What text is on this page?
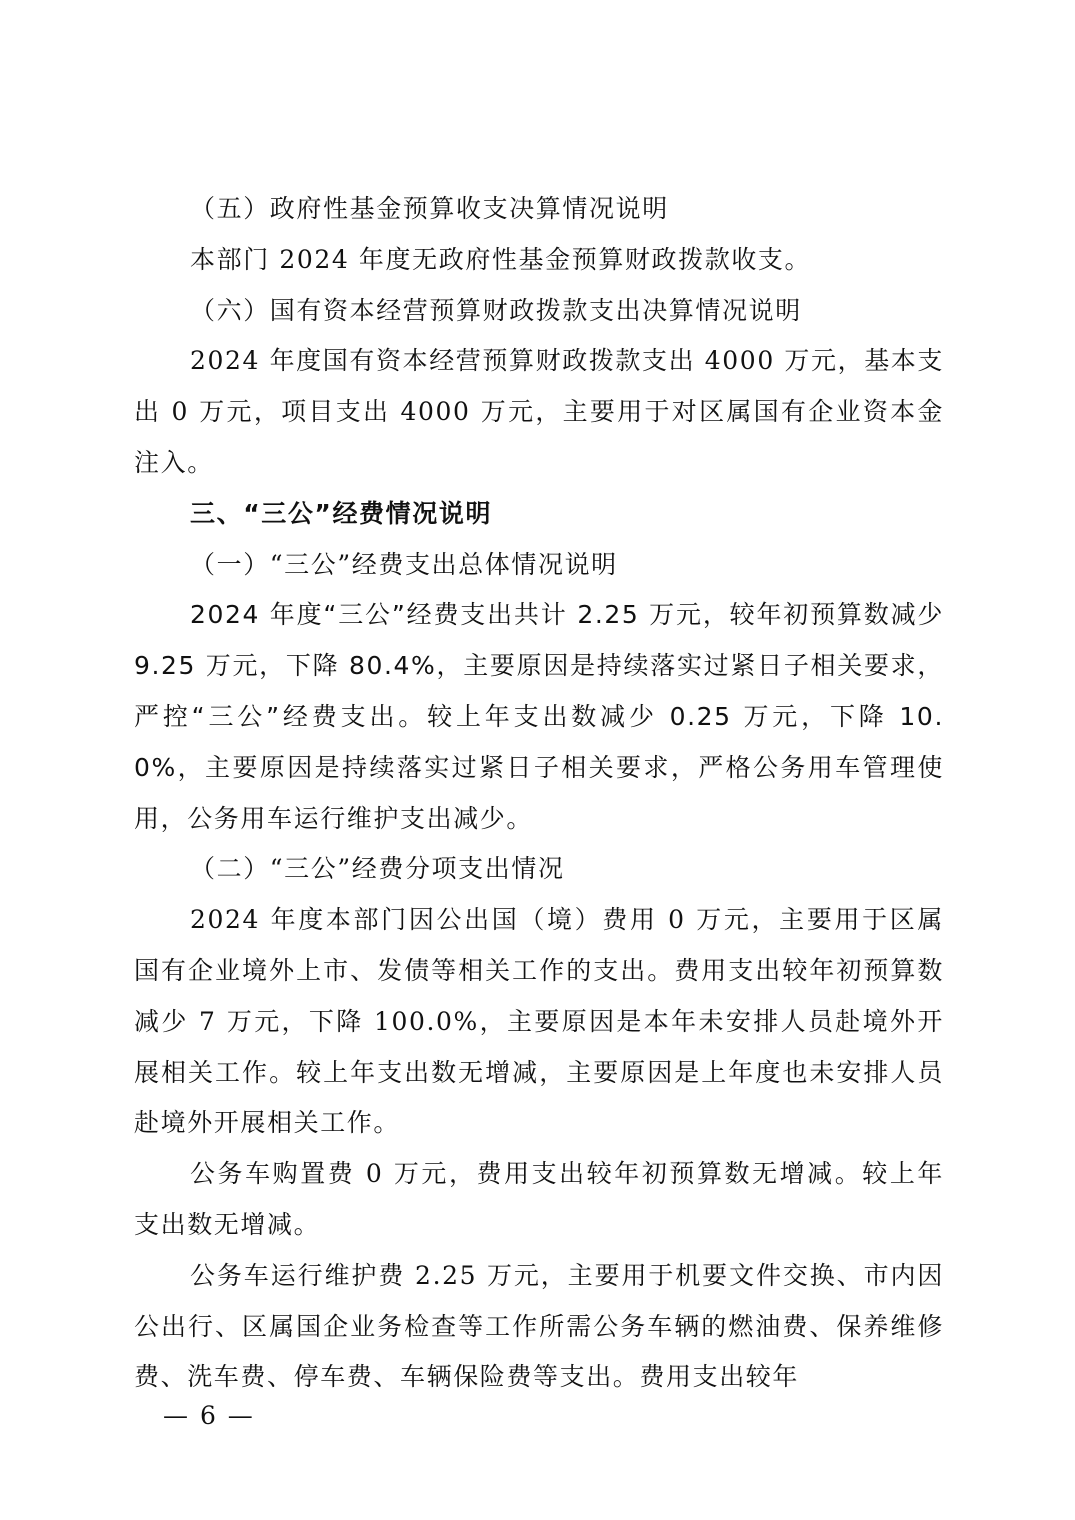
（五）政府性基金预算收支决算情况说明

本部门 2024 年度无政府性基金预算财政拨款收支。

（六）国有资本经营预算财政拨款支出决算情况说明

2024 年度国有资本经营预算财政拨款支出 4000 万元，基本支出 0 万元，项目支出 4000 万元，主要用于对区属国有企业资本金注入。

三、“三公”经费情况说明

（一）“三公”经费支出总体情况说明

2024 年度“三公”经费支出共计 2.25 万元，较年初预算数减少 9.25 万元，下降 80.4%，主要原因是持续落实过紧日子相关要求，严控“三公”经费支出。较上年支出数减少 0.25 万元，下降 10.0%，主要原因是持续落实过紧日子相关要求，严格公务用车管理使用，公务用车运行维护支出减少。

（二）“三公”经费分项支出情况

2024 年度本部门因公出国（境）费用 0 万元，主要用于区属国有企业境外上市、发债等相关工作的支出。费用支出较年初预算数减少 7 万元，下降 100.0%，主要原因是本年未安排人员赴境外开展相关工作。较上年支出数无增减，主要原因是上年度也未安排人员赴境外开展相关工作。

公务车购置费 0 万元，费用支出较年初预算数无增减。较上年支出数无增减。

公务车运行维护费 2.25 万元，主要用于机要文件交换、市内因公出行、区属国企业务检查等工作所需公务车辆的燃油费、保养维修费、洗车费、停车费、车辆保险费等支出。费用支出较年

— 6 —
